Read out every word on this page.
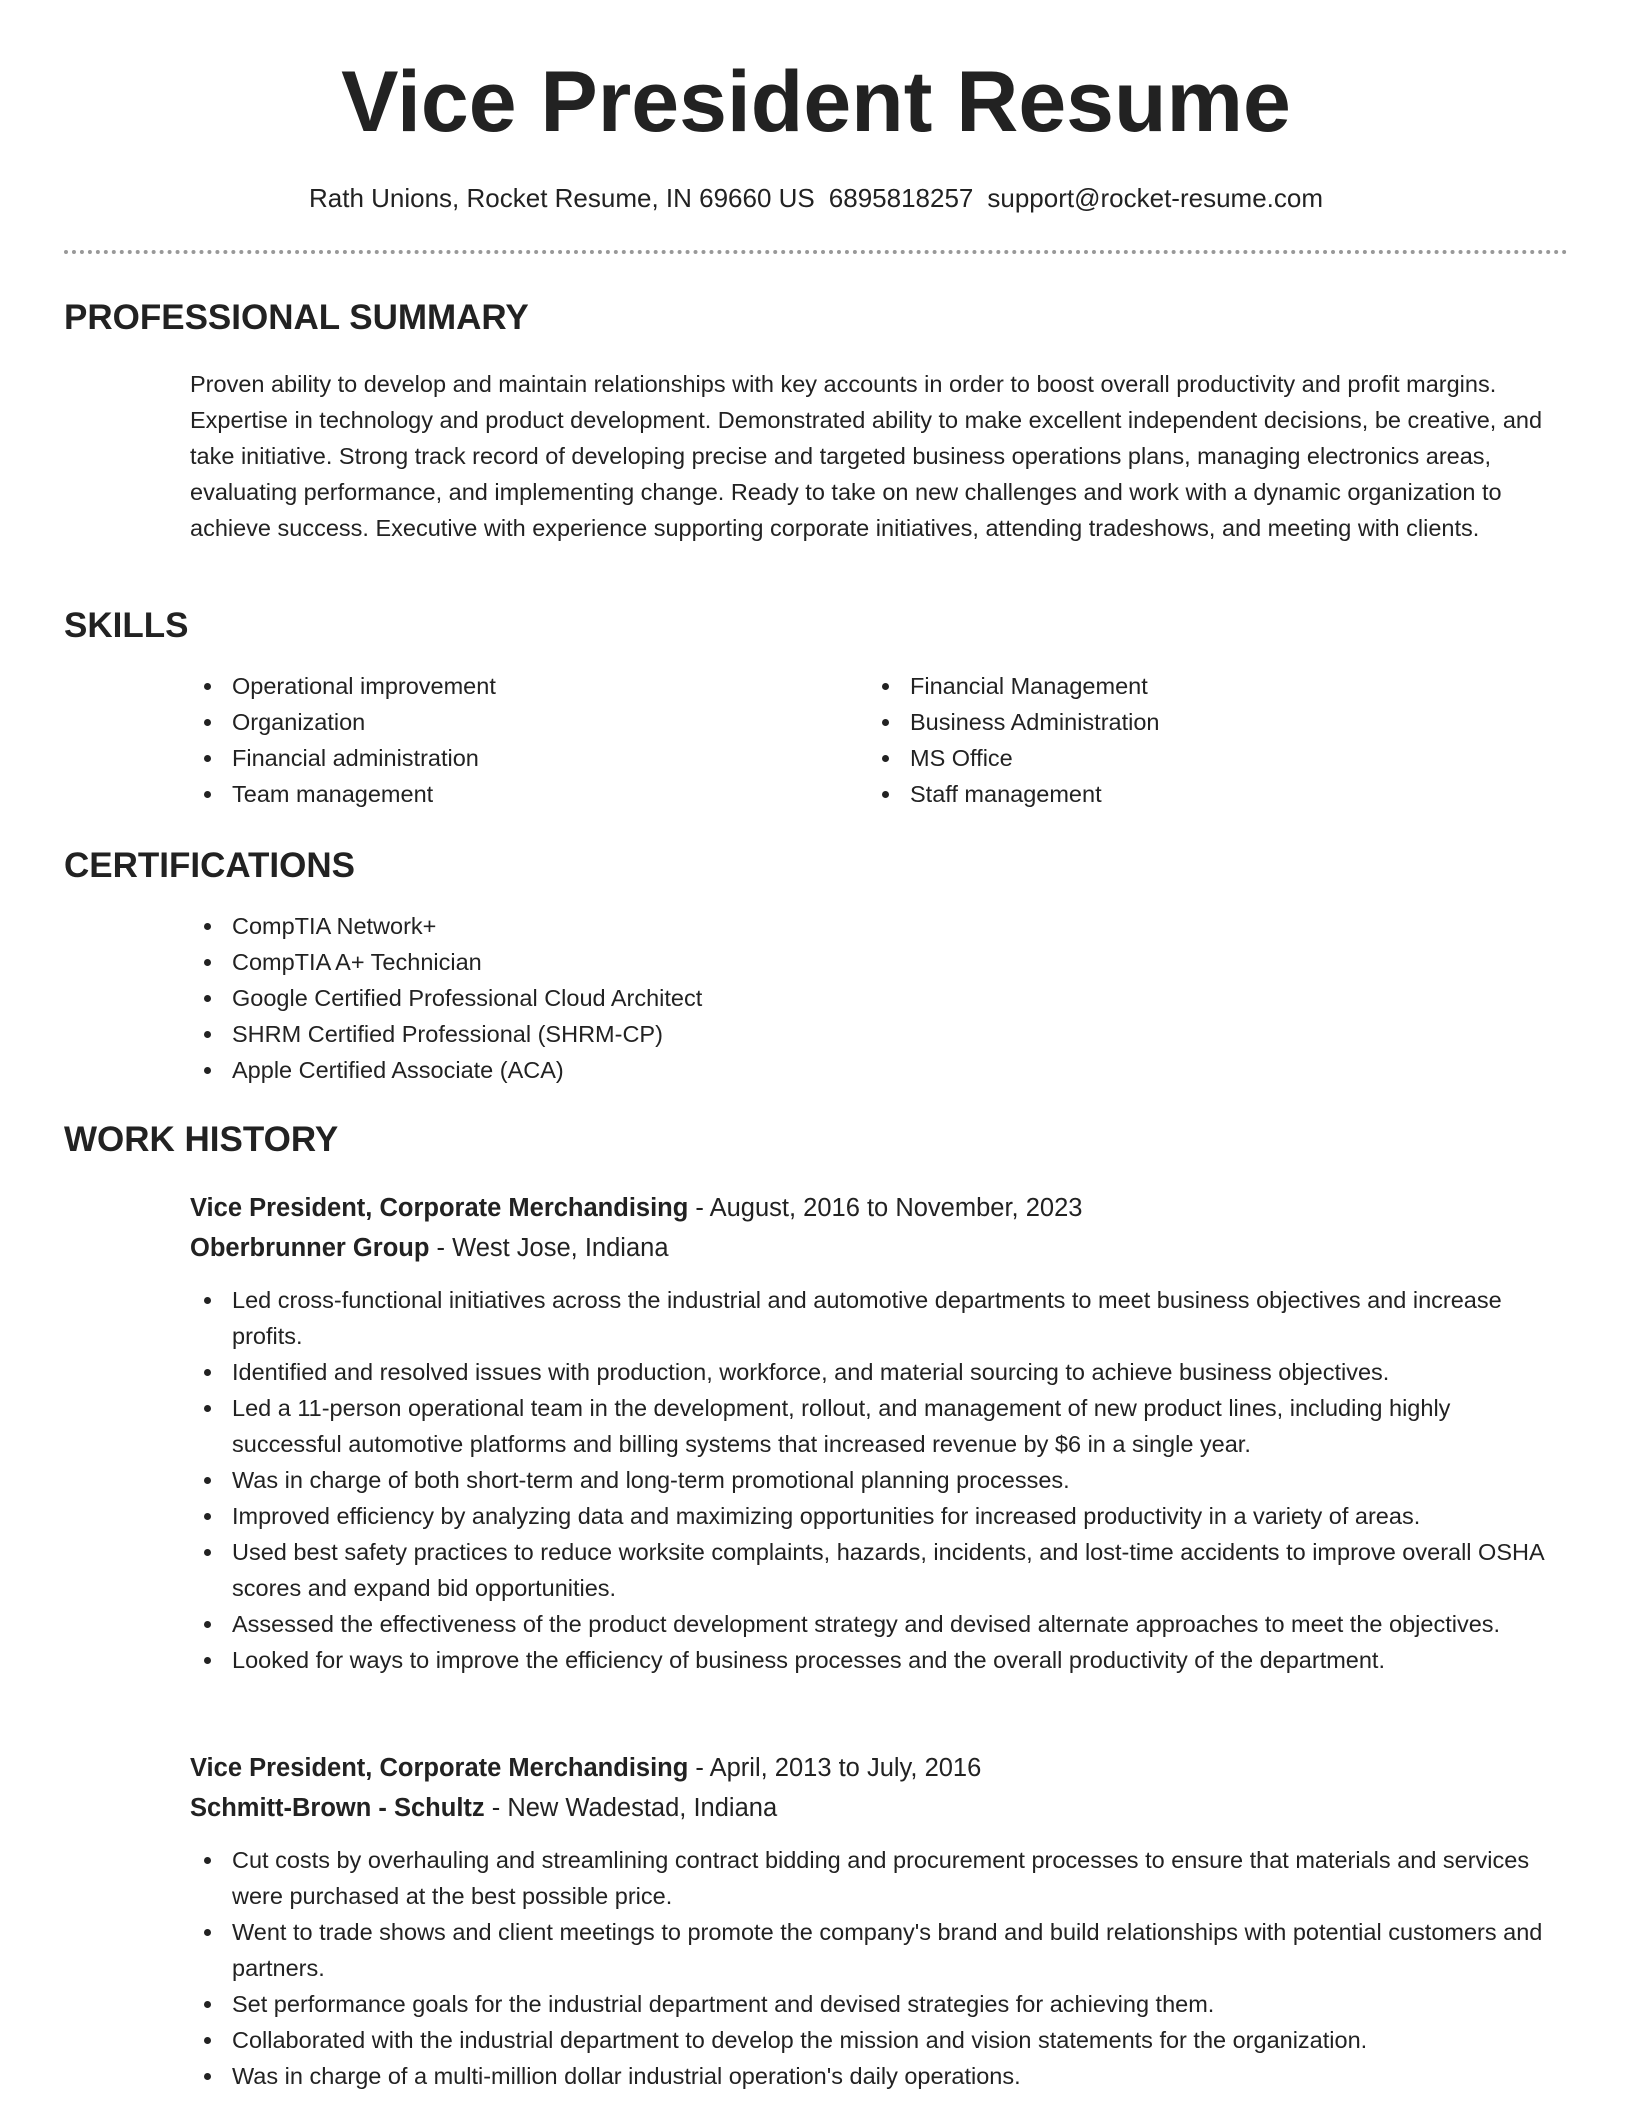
Vice President Resume
Rath Unions, Rocket Resume, IN 69660 US 6895818257 support@rocket-resume.com
PROFESSIONAL SUMMARY
Proven ability to develop and maintain relationships with key accounts in order to boost overall productivity and profit margins. Expertise in technology and product development. Demonstrated ability to make excellent independent decisions, be creative, and take initiative. Strong track record of developing precise and targeted business operations plans, managing electronics areas, evaluating performance, and implementing change. Ready to take on new challenges and work with a dynamic organization to achieve success. Executive with experience supporting corporate initiatives, attending tradeshows, and meeting with clients.
SKILLS
Operational improvement
Organization
Financial administration
Team management
Financial Management
Business Administration
MS Office
Staff management
CERTIFICATIONS
CompTIA Network+
CompTIA A+ Technician
Google Certified Professional Cloud Architect
SHRM Certified Professional (SHRM-CP)
Apple Certified Associate (ACA)
WORK HISTORY
Vice President, Corporate Merchandising - August, 2016 to November, 2023
Oberbrunner Group - West Jose, Indiana
Led cross-functional initiatives across the industrial and automotive departments to meet business objectives and increase profits.
Identified and resolved issues with production, workforce, and material sourcing to achieve business objectives.
Led a 11-person operational team in the development, rollout, and management of new product lines, including highly successful automotive platforms and billing systems that increased revenue by $6 in a single year.
Was in charge of both short-term and long-term promotional planning processes.
Improved efficiency by analyzing data and maximizing opportunities for increased productivity in a variety of areas.
Used best safety practices to reduce worksite complaints, hazards, incidents, and lost-time accidents to improve overall OSHA scores and expand bid opportunities.
Assessed the effectiveness of the product development strategy and devised alternate approaches to meet the objectives.
Looked for ways to improve the efficiency of business processes and the overall productivity of the department.
Vice President, Corporate Merchandising - April, 2013 to July, 2016
Schmitt-Brown - Schultz - New Wadestad, Indiana
Cut costs by overhauling and streamlining contract bidding and procurement processes to ensure that materials and services were purchased at the best possible price.
Went to trade shows and client meetings to promote the company's brand and build relationships with potential customers and partners.
Set performance goals for the industrial department and devised strategies for achieving them.
Collaborated with the industrial department to develop the mission and vision statements for the organization.
Was in charge of a multi-million dollar industrial operation's daily operations.
